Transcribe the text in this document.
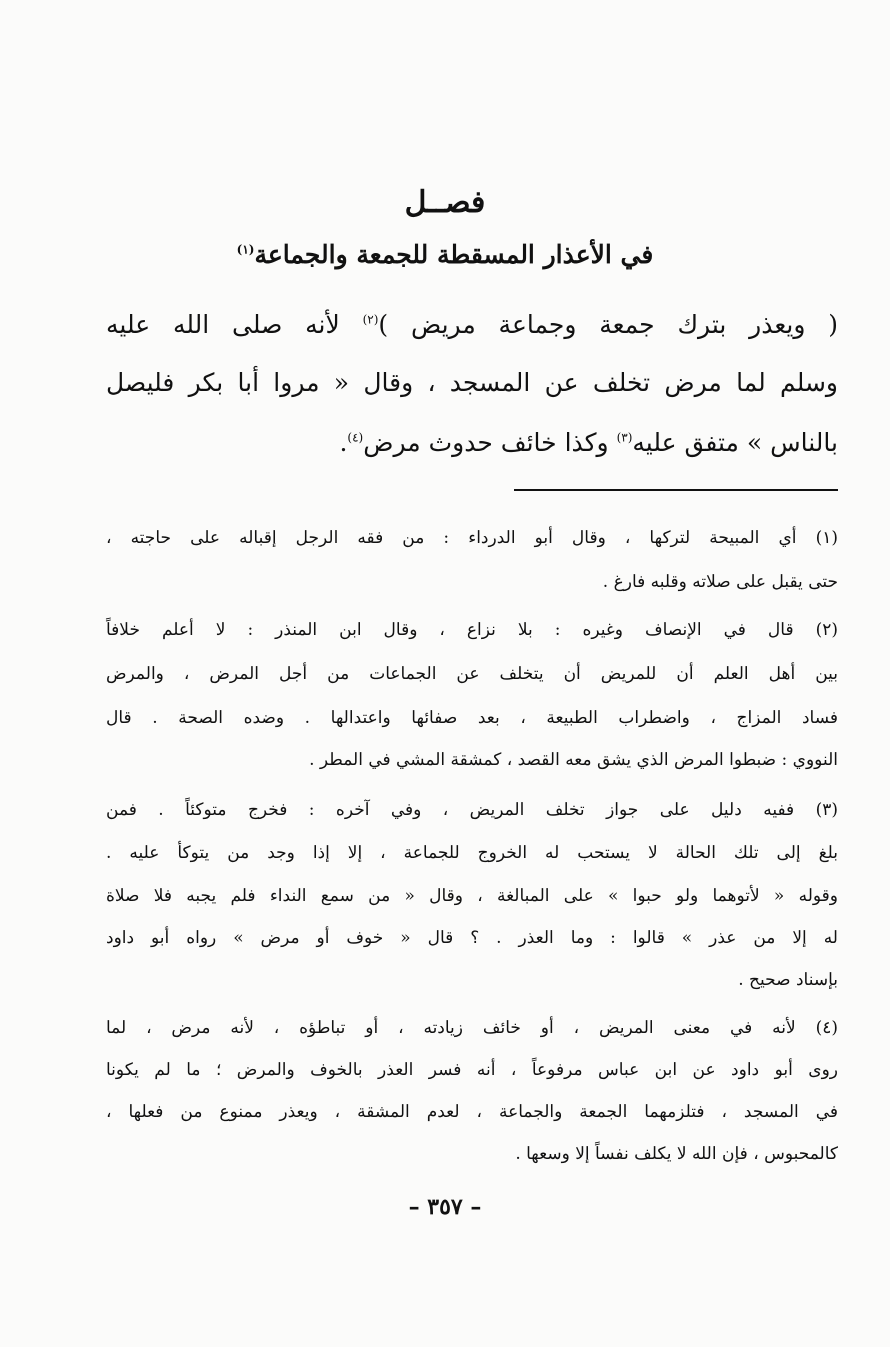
فصــل
في الأعذار المسقطة للجمعة والجماعة$^{(١)}$
( ويعذر بترك جمعة وجماعة مريض )$^{(٢)}$ لأنه صلى الله عليه
وسلم لما مرض تخلف عن المسجد ، وقال « مروا أبا بكر فليصل
بالناس » متفق عليه$^{(٣)}$ وكذا خائف حدوث مرض$^{(٤)}$.
(١) أي المبيحة لتركها ، وقال أبو الدرداء : من فقه الرجل إقباله على حاجته ،
حتى يقبل على صلاته وقلبه فارغ .
(٢) قال في الإنصاف وغيره : بلا نزاع ، وقال ابن المنذر : لا أعلم خلافاً
بين أهل العلم أن للمريض أن يتخلف عن الجماعات من أجل المرض ، والمرض
فساد المزاج ، واضطراب الطبيعة ، بعد صفائها واعتدالها . وضده الصحة . قال
النووي : ضبطوا المرض الذي يشق معه القصد ، كمشقة المشي في المطر .
(٣) ففيه دليل على جواز تخلف المريض ، وفي آخره : فخرج متوكئاً . فمن
بلغ إلى تلك الحالة لا يستحب له الخروج للجماعة ، إلا إذا وجد من يتوكأ عليه .
وقوله « لأتوهما ولو حبوا » على المبالغة ، وقال « من سمع النداء فلم يجبه فلا صلاة
له إلا من عذر » قالوا : وما العذر . ؟ قال « خوف أو مرض » رواه أبو داود
بإسناد صحيح .
(٤) لأنه في معنى المريض ، أو خائف زيادته ، أو تباطؤه ، لأنه مرض ، لما
روى أبو داود عن ابن عباس مرفوعاً ، أنه فسر العذر بالخوف والمرض ؛ ما لم يكونا
في المسجد ، فتلزمهما الجمعة والجماعة ، لعدم المشقة ، ويعذر ممنوع من فعلها ،
كالمحبوس ، فإن الله لا يكلف نفساً إلا وسعها .
– ٣٥٧ –
